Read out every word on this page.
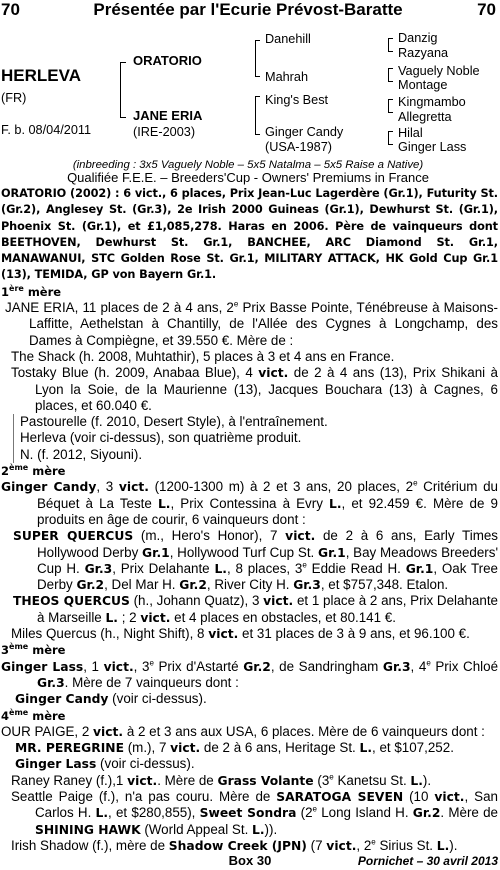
70	Présentée par l'Ecurie Prévost-Baratte	70
HERLEVA
(FR)
F. b. 08/04/2011
ORATORIO
JANE ERIA
(IRE-2003)
Danehill
Mahrah
King's Best
Ginger Candy
(USA-1987)
Danzig
Razyana
Vaguely Noble
Montage
Kingmambo
Allegretta
Hilal
Ginger Lass
(inbreeding : 3x5 Vaguely Noble – 5x5 Natalma – 5x5 Raise a Native)
Qualifiée F.E.E. – Breeders'Cup - Owners' Premiums in France

ORATORIO (2002) : 6 vict., 6 places, Prix Jean-Luc Lagerdère (Gr.1), Futurity St. (Gr.2), Anglesey St. (Gr.3), 2e Irish 2000 Guineas (Gr.1), Dewhurst St. (Gr.1), Phoenix St. (Gr.1), et £1,085,278. Haras en 2006. Père de vainqueurs dont BEETHOVEN, Dewhurst St. Gr.1, BANCHEE, ARC Diamond St. Gr.1, MANAWANUI, STC Golden Rose St. Gr.1, MILITARY ATTACK, HK Gold Cup Gr.1 (13), TEMIDA, GP von Bayern Gr.1.

1ère mère

JANE ERIA, 11 places de 2 à 4 ans, 2e Prix Basse Pointe, Ténébreuse à Maisons-Laffitte, Aethelstan à Chantilly, de l'Allée des Cygnes à Longchamp, des Dames à Compiègne, et 39.550 €. Mère de :

The Shack (h. 2008, Muhtathir), 5 places à 3 et 4 ans en France.

Tostaky Blue (h. 2009, Anabaa Blue), 4 vict. de 2 à 4 ans (13), Prix Shikani à Lyon la Soie, de la Maurienne (13), Jacques Bouchara (13) à Cagnes, 6 places, et 60.040 €.

Pastourelle (f. 2010, Desert Style), à l'entraînement.

Herleva (voir ci-dessus), son quatrième produit.

N. (f. 2012, Siyouni).

2ème mère

Ginger Candy, 3 vict. (1200-1300 m) à 2 et 3 ans, 20 places, 2e Critérium du Béquet à La Teste L., Prix Contessina à Evry L., et 92.459 €. Mère de 9 produits en âge de courir, 6 vainqueurs dont :

SUPER QUERCUS (m., Hero's Honor), 7 vict. de 2 à 6 ans, Early Times Hollywood Derby Gr.1, Hollywood Turf Cup St. Gr.1, Bay Meadows Breeders' Cup H. Gr.3, Prix Delahante L., 8 places, 3e Eddie Read H. Gr.1, Oak Tree Derby Gr.2, Del Mar H. Gr.2, River City H. Gr.3, et $757,348. Etalon.

THEOS QUERCUS (h., Johann Quatz), 3 vict. et 1 place à 2 ans, Prix Delahante à Marseille L. ; 2 vict. et 4 places en obstacles, et 80.141 €.

Miles Quercus (h., Night Shift), 8 vict. et 31 places de 3 à 9 ans, et 96.100 €.

3ème mère

Ginger Lass, 1 vict., 3e Prix d'Astarté Gr.2, de Sandringham Gr.3, 4e Prix Chloé Gr.3. Mère de 7 vainqueurs dont :

Ginger Candy (voir ci-dessus).

4ème mère

OUR PAIGE, 2 vict. à 2 et 3 ans aux USA, 6 places. Mère de 6 vainqueurs dont :

MR. PEREGRINE (m.), 7 vict. de 2 à 6 ans, Heritage St. L., et $107,252.

Ginger Lass (voir ci-dessus).

Raney Raney (f.),1 vict.. Mère de Grass Volante (3e Kanetsu St. L.).

Seattle Paige (f.), n'a pas couru. Mère de SARATOGA SEVEN (10 vict., San Carlos H. L., et $280,855), Sweet Sondra (2e Long Island H. Gr.2. Mère de SHINING HAWK (World Appeal St. L.)).

Irish Shadow (f.), mère de Shadow Creek (JPN) (7 vict., 2e Sirius St. L.).

Box 30	Pornichet – 30 avril 2013
